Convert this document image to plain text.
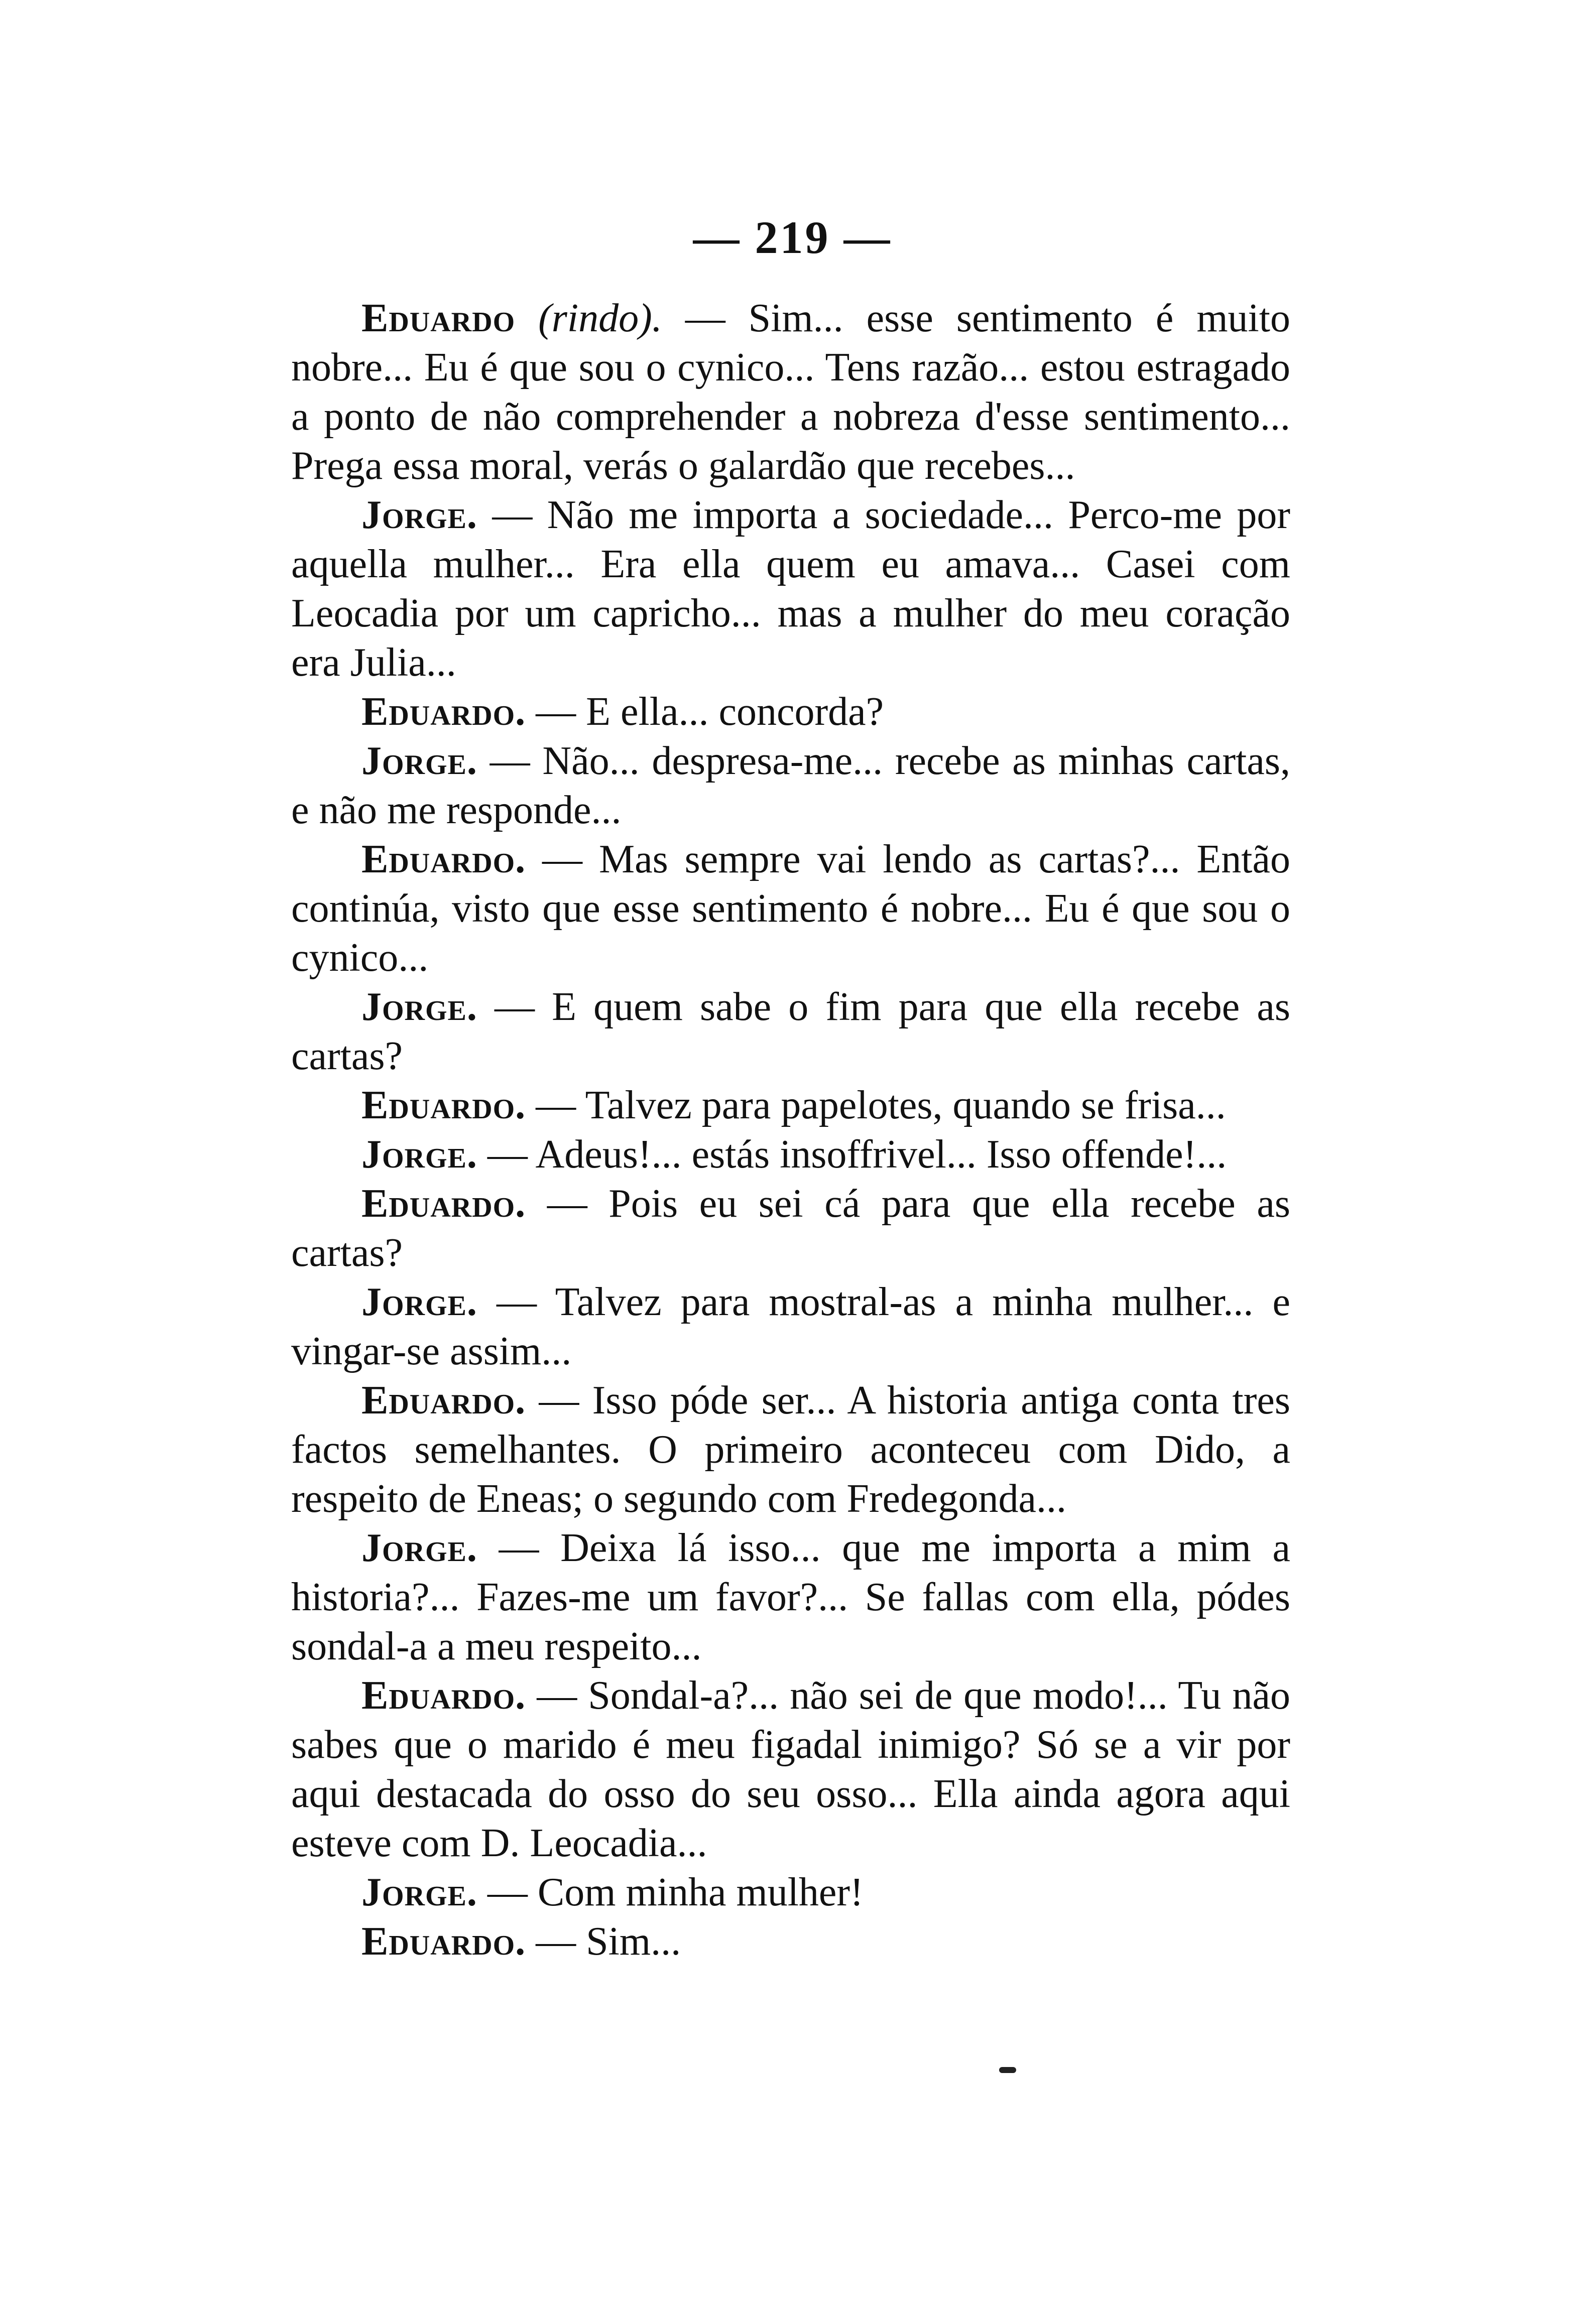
— 219 —

Eduardo (rindo). — Sim... esse sentimento é muito nobre... Eu é que sou o cynico... Tens razão... estou estragado a ponto de não comprehender a nobreza d'esse sentimento... Prega essa moral, verás o galardão que recebes...

Jorge. — Não me importa a sociedade... Perco-me por aquella mulher... Era ella quem eu amava... Casei com Leocadia por um capricho... mas a mulher do meu coração era Julia...

Eduardo. — E ella... concorda?

Jorge. — Não... despresa-me... recebe as minhas cartas, e não me responde...

Eduardo. — Mas sempre vai lendo as cartas?... Então continúa, visto que esse sentimento é nobre... Eu é que sou o cynico...

Jorge. — E quem sabe o fim para que ella recebe as cartas?

Eduardo. — Talvez para papelotes, quando se frisa...

Jorge. — Adeus!... estás insoffrivel... Isso offende!...

Eduardo. — Pois eu sei cá para que ella recebe as cartas?

Jorge. — Talvez para mostral-as a minha mulher... e vingar-se assim...

Eduardo. — Isso póde ser... A historia antiga conta tres factos semelhantes. O primeiro aconteceu com Dido, a respeito de Eneas; o segundo com Fredegonda...

Jorge. — Deixa lá isso... que me importa a mim a historia?... Fazes-me um favor?... Se fallas com ella, pódes sondal-a a meu respeito...

Eduardo. — Sondal-a?... não sei de que modo!... Tu não sabes que o marido é meu figadal inimigo? Só se a vir por aqui destacada do osso do seu osso... Ella ainda agora aqui esteve com D. Leocadia...

Jorge. — Com minha mulher!

Eduardo. — Sim...
